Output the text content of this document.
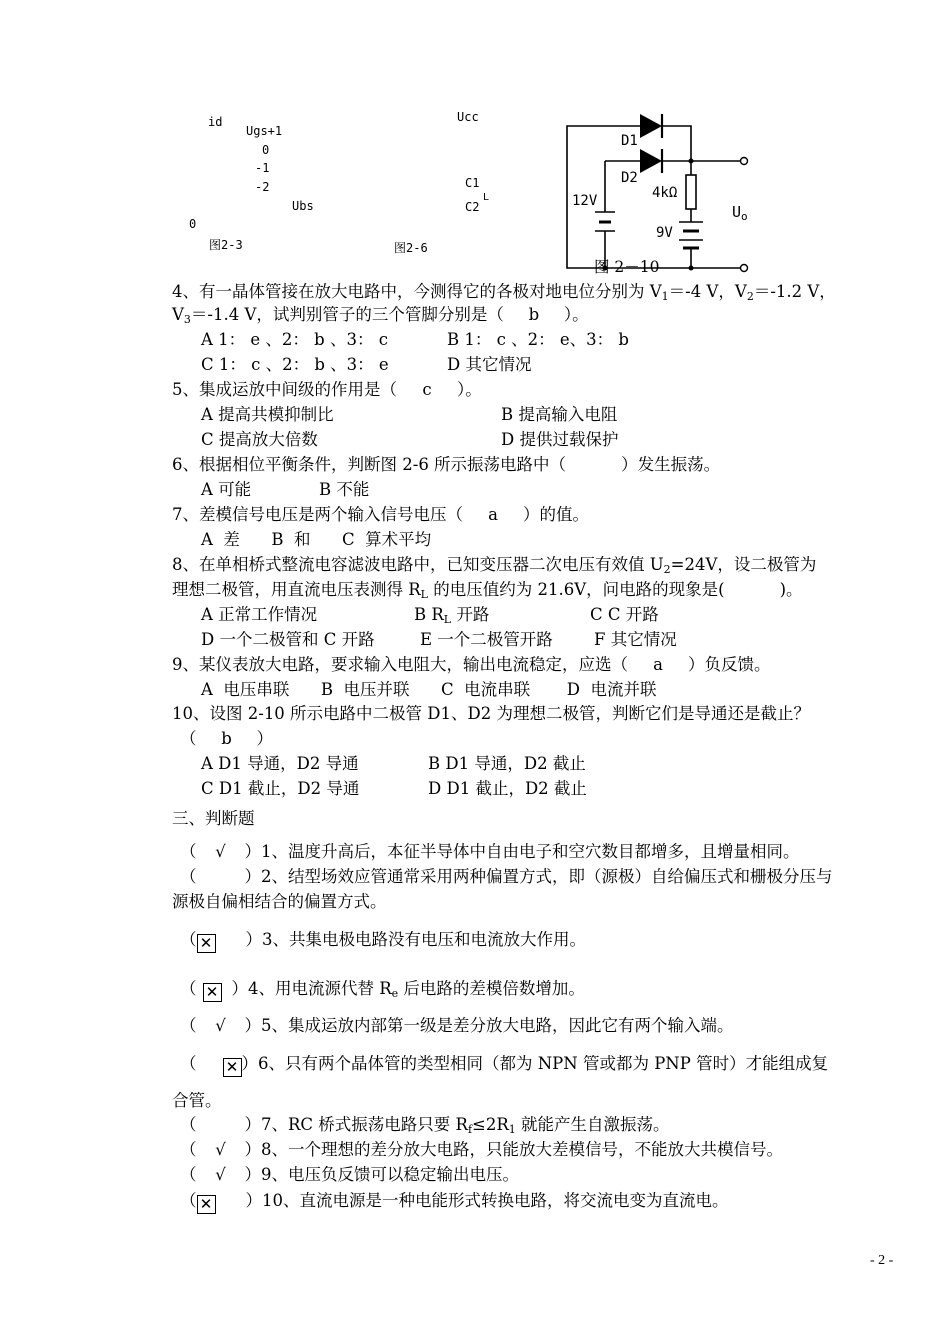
id
Ugs+1
0
-1
-2
Ubs
0
图2-3
Ucc
C1
C2
L
图2-6
D1
D2
12V	4kΩ
9V
$U_o$
图 2－10
4、有一晶体管接在放大电路中，今测得它的各极对地电位分别为 $V_1=-4$ V，$V_2=-1.2$ V，
$V_3=-1.4$ V，试判别管子的三个管脚分别是（ b ）。
A 1： e 、2： b 、3： c	B 1： c 、2： e、3： b
C 1： c 、2： b 、3： e	D 其它情况
5、集成运放中间级的作用是（ c ）。
A 提高共模抑制比	B 提高输入电阻
C 提高放大倍数	D 提供过载保护
6、根据相位平衡条件，判断图 2-6 所示振荡电路中（	）发生振荡。
A 可能	B 不能
7、差模信号电压是两个输入信号电压（ a ）的值。
A  差      B  和      C  算术平均
8、在单相桥式整流电容滤波电路中，已知变压器二次电压有效值 $U_2=24V$，设二极管为
理想二极管，用直流电压表测得 $R_L$ 的电压值约为 21.6V，问电路的现象是(	)。
A 正常工作情况	B $R_L$ 开路	C C 开路
D 一个二极管和 C 开路	E 一个二极管开路 F 其它情况
9、某仪表放大电路，要求输入电阻大，输出电流稳定，应选（ a ）负反馈。
A  电压串联      B  电压并联      C  电流串联       D  电流并联
10、设图 2-10 所示电路中二极管 D1、D2 为理想二极管，判断它们是导通还是截止？
（ b ）
A D1 导通，D2 导通	B D1 导通，D2 截止
C D1 截止，D2 导通	D D1 截止，D2 截止
三、判断题
（ √ ）1、温度升高后，本征半导体中自由电子和空穴数目都增多，且增量相同。
（	）2、结型场效应管通常采用两种偏置方式，即（源极）自给偏压式和栅极分压与
源极自偏相结合的偏置方式。
（ ✕ ）3、共集电极电路没有电压和电流放大作用。
（ ✕ ）4、用电流源代替 $R_e$ 后电路的差模倍数增加。
（ √ ）5、集成运放内部第一级是差分放大电路，因此它有两个输入端。
（ ✕ ）6、只有两个晶体管的类型相同（都为 NPN 管或都为 PNP 管时）才能组成复
合管。
（	）7、RC 桥式振荡电路只要 $R_f\le 2R_1$ 就能产生自激振荡。
（ √ ）8、一个理想的差分放大电路，只能放大差模信号，不能放大共模信号。
（ √ ）9、电压负反馈可以稳定输出电压。
（ ✕ ）10、直流电源是一种电能形式转换电路，将交流电变为直流电。
- 2 -
